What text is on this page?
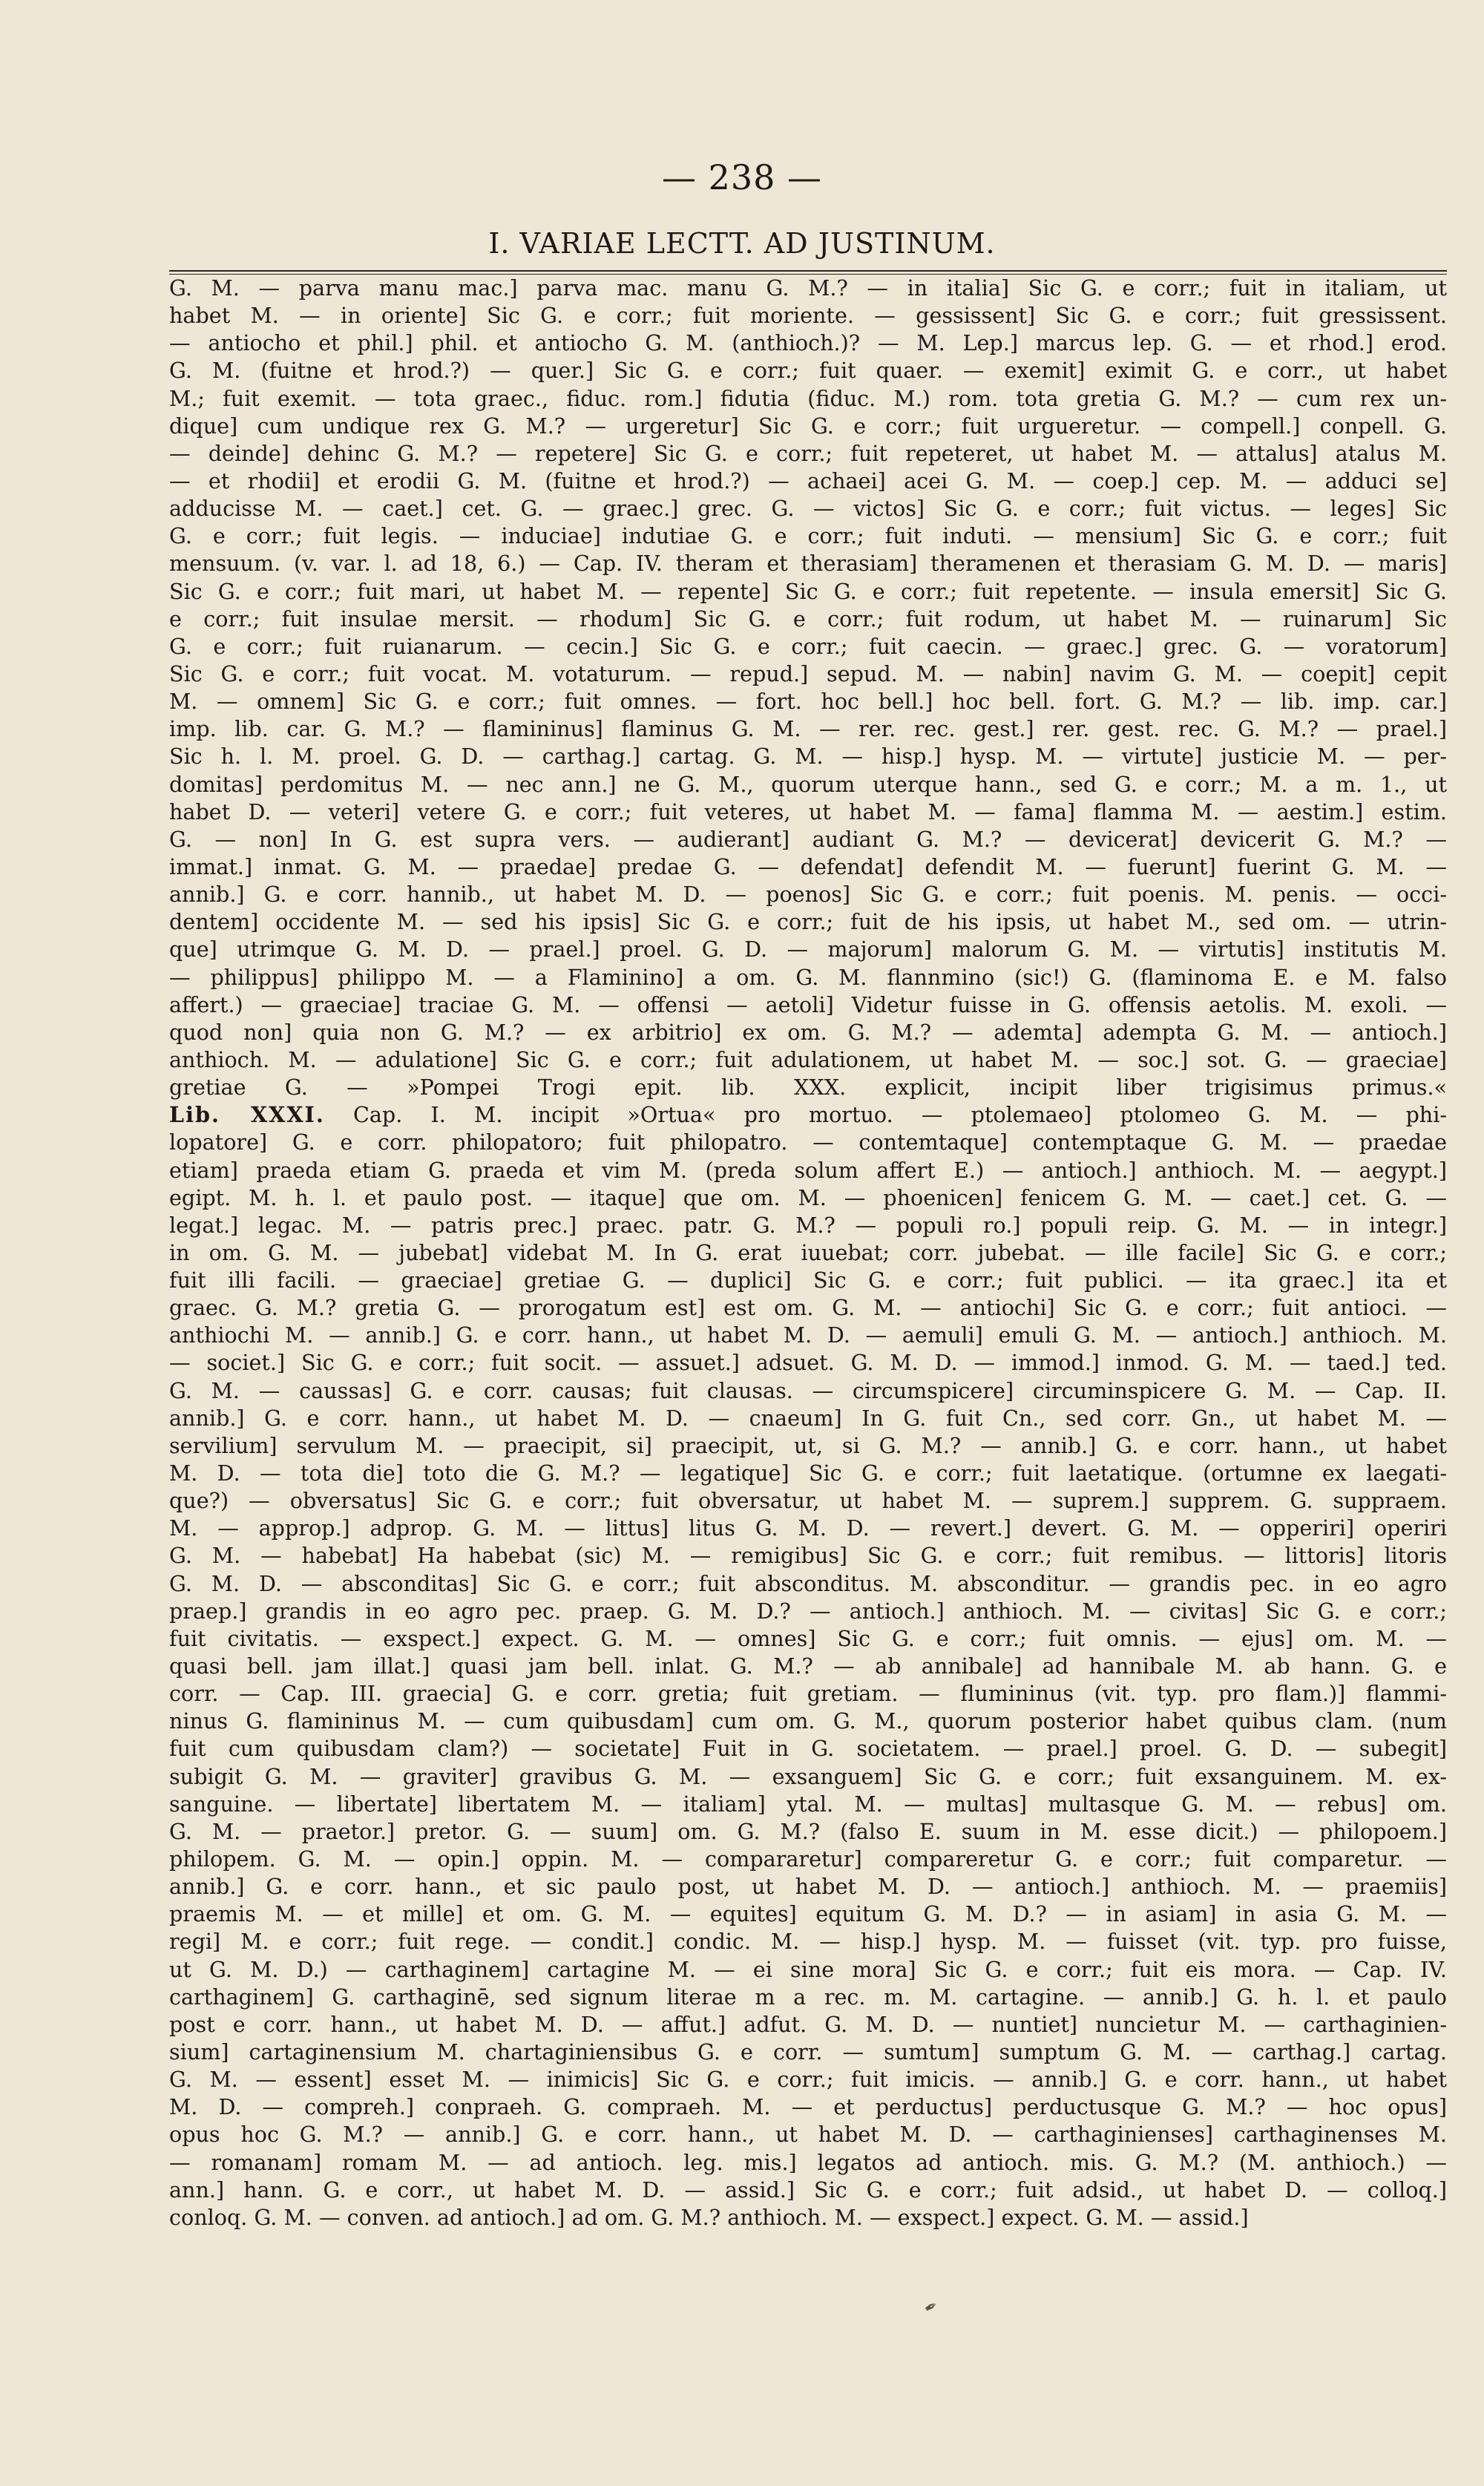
— 238 —
I. VARIAE LECTT. AD JUSTINUM.
G. M. — parva manu mac.] parva mac. manu G. M.? — in italia] Sic G. e corr.; fuit in italiam, ut
habet M. — in oriente] Sic G. e corr.; fuit moriente. — gessissent] Sic G. e corr.; fuit gressissent.
— antiocho et phil.] phil. et antiocho G. M. (anthioch.)? — M. Lep.] marcus lep. G. — et rhod.] erod.
G. M. (fuitne et hrod.?) — quer.] Sic G. e corr.; fuit quaer. — exemit] eximit G. e corr., ut habet
M.; fuit exemit. — tota graec., fiduc. rom.] fidutia (fiduc. M.) rom. tota gretia G. M.? — cum rex un-
dique] cum undique rex G. M.? — urgeretur] Sic G. e corr.; fuit urgueretur. — compell.] conpell. G.
— deinde] dehinc G. M.? — repetere] Sic G. e corr.; fuit repeteret, ut habet M. — attalus] atalus M.
— et rhodii] et erodii G. M. (fuitne et hrod.?) — achaei] acei G. M. — coep.] cep. M. — adduci se]
adducisse M. — caet.] cet. G. — graec.] grec. G. — victos] Sic G. e corr.; fuit victus. — leges] Sic
G. e corr.; fuit legis. — induciae] indutiae G. e corr.; fuit induti. — mensium] Sic G. e corr.; fuit
mensuum. (v. var. l. ad 18, 6.) — Cap. IV. theram et therasiam] theramenen et therasiam G. M. D. — maris]
Sic G. e corr.; fuit mari, ut habet M. — repente] Sic G. e corr.; fuit repetente. — insula emersit] Sic G.
e corr.; fuit insulae mersit. — rhodum] Sic G. e corr.; fuit rodum, ut habet M. — ruinarum] Sic
G. e corr.; fuit ruianarum. — cecin.] Sic G. e corr.; fuit caecin. — graec.] grec. G. — voratorum]
Sic G. e corr.; fuit vocat. M. votaturum. — repud.] sepud. M. — nabin] navim G. M. — coepit] cepit
M. — omnem] Sic G. e corr.; fuit omnes. — fort. hoc bell.] hoc bell. fort. G. M.? — lib. imp. car.]
imp. lib. car. G. M.? — flamininus] flaminus G. M. — rer. rec. gest.] rer. gest. rec. G. M.? — prael.]
Sic h. l. M. proel. G. D. — carthag.] cartag. G. M. — hisp.] hysp. M. — virtute] justicie M. — per-
domitas] perdomitus M. — nec ann.] ne G. M., quorum uterque hann., sed G. e corr.; M. a m. 1., ut
habet D. — veteri] vetere G. e corr.; fuit veteres, ut habet M. — fama] flamma M. — aestim.] estim.
G. — non] In G. est supra vers. — audierant] audiant G. M.? — devicerat] devicerit G. M.? —
immat.] inmat. G. M. — praedae] predae G. — defendat] defendit M. — fuerunt] fuerint G. M. —
annib.] G. e corr. hannib., ut habet M. D. — poenos] Sic G. e corr.; fuit poenis. M. penis. — occi-
dentem] occidente M. — sed his ipsis] Sic G. e corr.; fuit de his ipsis, ut habet M., sed om. — utrin-
que] utrimque G. M. D. — prael.] proel. G. D. — majorum] malorum G. M. — virtutis] institutis M.
— philippus] philippo M. — a Flaminino] a om. G. M. flannmino (sic!) G. (flaminoma E. e M. falso
affert.) — graeciae] traciae G. M. — offensi — aetoli] Videtur fuisse in G. offensis aetolis. M. exoli. —
quod non] quia non G. M.? — ex arbitrio] ex om. G. M.? — ademta] adempta G. M. — antioch.]
anthioch. M. — adulatione] Sic G. e corr.; fuit adulationem, ut habet M. — soc.] sot. G. — graeciae]
gretiae G. — »Pompei Trogi epit. lib. XXX. explicit, incipit liber trigisimus primus.«
Lib. XXXI. Cap. I. M. incipit »Ortua« pro mortuo. — ptolemaeo] ptolomeo G. M. — phi-
lopatore] G. e corr. philopatoro; fuit philopatro. — contemtaque] contemptaque G. M. — praedae
etiam] praeda etiam G. praeda et vim M. (preda solum affert E.) — antioch.] anthioch. M. — aegypt.]
egipt. M. h. l. et paulo post. — itaque] que om. M. — phoenicen] fenicem G. M. — caet.] cet. G. —
legat.] legac. M. — patris prec.] praec. patr. G. M.? — populi ro.] populi reip. G. M. — in integr.]
in om. G. M. — jubebat] videbat M. In G. erat iuuebat; corr. jubebat. — ille facile] Sic G. e corr.;
fuit illi facili. — graeciae] gretiae G. — duplici] Sic G. e corr.; fuit publici. — ita graec.] ita et
graec. G. M.? gretia G. — prorogatum est] est om. G. M. — antiochi] Sic G. e corr.; fuit antioci. —
anthiochi M. — annib.] G. e corr. hann., ut habet M. D. — aemuli] emuli G. M. — antioch.] anthioch. M.
— societ.] Sic G. e corr.; fuit socit. — assuet.] adsuet. G. M. D. — immod.] inmod. G. M. — taed.] ted.
G. M. — caussas] G. e corr. causas; fuit clausas. — circumspicere] circuminspicere G. M. — Cap. II.
annib.] G. e corr. hann., ut habet M. D. — cnaeum] In G. fuit Cn., sed corr. Gn., ut habet M. —
servilium] servulum M. — praecipit, si] praecipit, ut, si G. M.? — annib.] G. e corr. hann., ut habet
M. D. — tota die] toto die G. M.? — legatique] Sic G. e corr.; fuit laetatique. (ortumne ex laegati-
que?) — obversatus] Sic G. e corr.; fuit obversatur, ut habet M. — suprem.] supprem. G. suppraem.
M. — approp.] adprop. G. M. — littus] litus G. M. D. — revert.] devert. G. M. — opperiri] operiri
G. M. — habebat] Ha habebat (sic) M. — remigibus] Sic G. e corr.; fuit remibus. — littoris] litoris
G. M. D. — absconditas] Sic G. e corr.; fuit absconditus. M. absconditur. — grandis pec. in eo agro
praep.] grandis in eo agro pec. praep. G. M. D.? — antioch.] anthioch. M. — civitas] Sic G. e corr.;
fuit civitatis. — exspect.] expect. G. M. — omnes] Sic G. e corr.; fuit omnis. — ejus] om. M. —
quasi bell. jam illat.] quasi jam bell. inlat. G. M.? — ab annibale] ad hannibale M. ab hann. G. e
corr. — Cap. III. graecia] G. e corr. gretia; fuit gretiam. — flumininus (vit. typ. pro flam.)] flammi-
ninus G. flamininus M. — cum quibusdam] cum om. G. M., quorum posterior habet quibus clam. (num
fuit cum quibusdam clam?) — societate] Fuit in G. societatem. — prael.] proel. G. D. — subegit]
subigit G. M. — graviter] gravibus G. M. — exsanguem] Sic G. e corr.; fuit exsanguinem. M. ex-
sanguine. — libertate] libertatem M. — italiam] ytal. M. — multas] multasque G. M. — rebus] om.
G. M. — praetor.] pretor. G. — suum] om. G. M.? (falso E. suum in M. esse dicit.) — philopoem.]
philopem. G. M. — opin.] oppin. M. — compararetur] compareretur G. e corr.; fuit comparetur. —
annib.] G. e corr. hann., et sic paulo post, ut habet M. D. — antioch.] anthioch. M. — praemiis]
praemis M. — et mille] et om. G. M. — equites] equitum G. M. D.? — in asiam] in asia G. M. —
regi] M. e corr.; fuit rege. — condit.] condic. M. — hisp.] hysp. M. — fuisset (vit. typ. pro fuisse,
ut G. M. D.) — carthaginem] cartagine M. — ei sine mora] Sic G. e corr.; fuit eis mora. — Cap. IV.
carthaginem] G. carthaginē, sed signum literae m a rec. m. M. cartagine. — annib.] G. h. l. et paulo
post e corr. hann., ut habet M. D. — affut.] adfut. G. M. D. — nuntiet] nuncietur M. — carthaginien-
sium] cartaginensium M. chartaginiensibus G. e corr. — sumtum] sumptum G. M. — carthag.] cartag.
G. M. — essent] esset M. — inimicis] Sic G. e corr.; fuit imicis. — annib.] G. e corr. hann., ut habet
M. D. — compreh.] conpraeh. G. compraeh. M. — et perductus] perductusque G. M.? — hoc opus]
opus hoc G. M.? — annib.] G. e corr. hann., ut habet M. D. — carthaginienses] carthaginenses M.
— romanam] romam M. — ad antioch. leg. mis.] legatos ad antioch. mis. G. M.? (M. anthioch.) —
ann.] hann. G. e corr., ut habet M. D. — assid.] Sic G. e corr.; fuit adsid., ut habet D. — colloq.]
conloq. G. M. — conven. ad antioch.] ad om. G. M.? anthioch. M. — exspect.] expect. G. M. — assid.]
✒
